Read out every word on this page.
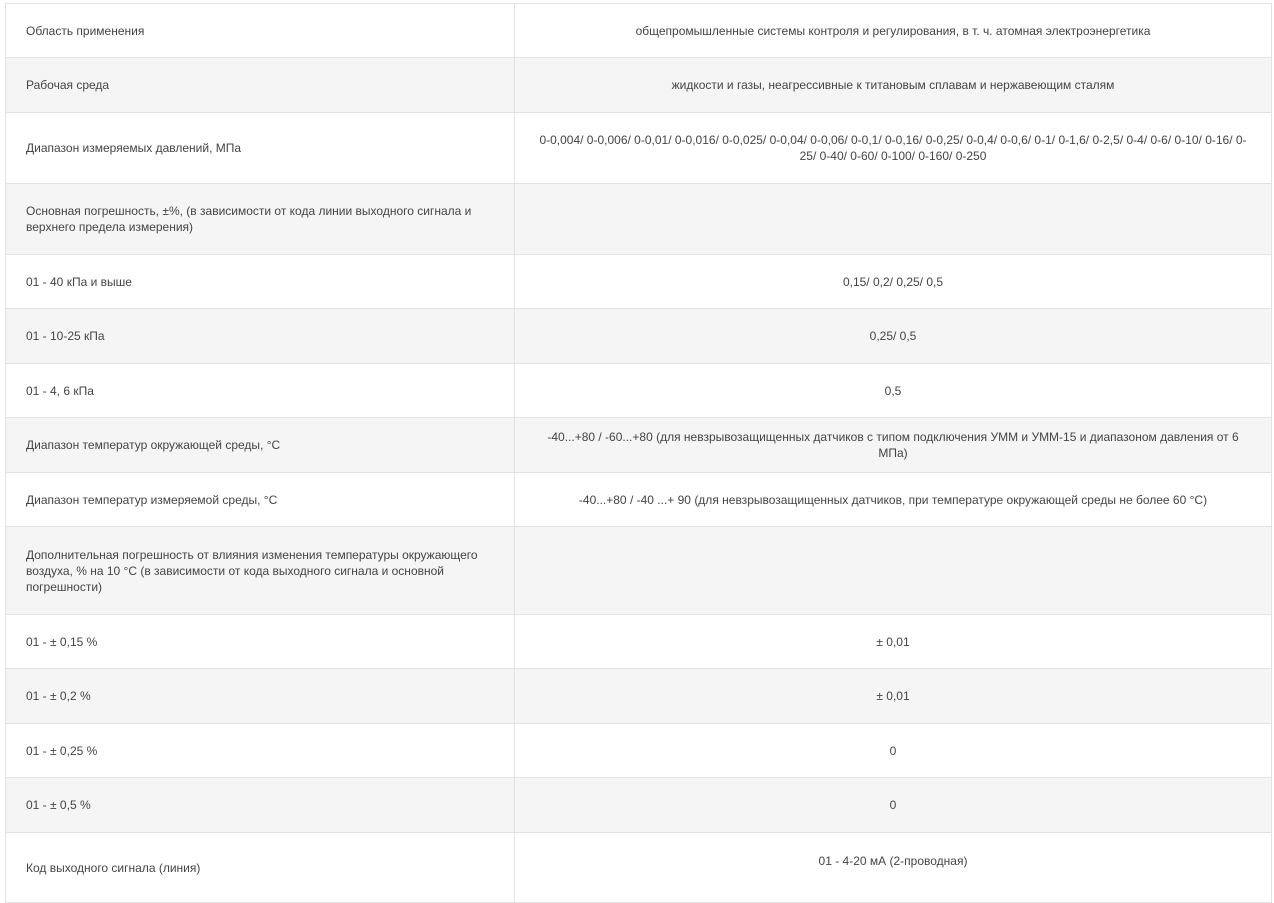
Область применения	общепромышленные системы контроля и регулирования, в т. ч. атомная электроэнергетика
Рабочая среда	жидкости и газы, неагрессивные к титановым сплавам и нержавеющим сталям
Диапазон измеряемых давлений, МПа	0-0,004/ 0-0,006/ 0-0,01/ 0-0,016/ 0-0,025/ 0-0,04/ 0-0,06/ 0-0,1/ 0-0,16/ 0-0,25/ 0-0,4/ 0-0,6/ 0-1/ 0-1,6/ 0-2,5/ 0-4/ 0-6/ 0-10/ 0-16/ 0-25/ 0-40/ 0-60/ 0-100/ 0-160/ 0-250
Основная погрешность, ±%, (в зависимости от кода линии выходного сигнала и верхнего предела измерения)	
01 - 40 кПа и выше	0,15/ 0,2/ 0,25/ 0,5
01 - 10-25 кПа	0,25/ 0,5
01 - 4, 6 кПа	0,5
Диапазон температур окружающей среды, °С	-40...+80 / -60...+80 (для невзрывозащищенных датчиков с типом подключения УММ и УММ-15 и диапазоном давления от 6 МПа)
Диапазон температур измеряемой среды, °С	-40...+80 / -40 ...+ 90 (для невзрывозащищенных датчиков, при температуре окружающей среды не более 60 °С)
Дополнительная погрешность от влияния изменения температуры окружающего воздуха, % на 10 °С (в зависимости от кода выходного сигнала и основной погрешности)	
01 - ± 0,15 %	± 0,01
01 - ± 0,2 %	± 0,01
01 - ± 0,25 %	0
01 - ± 0,5 %	0
Код выходного сигнала (линия)	01 - 4-20 мА (2-проводная)
